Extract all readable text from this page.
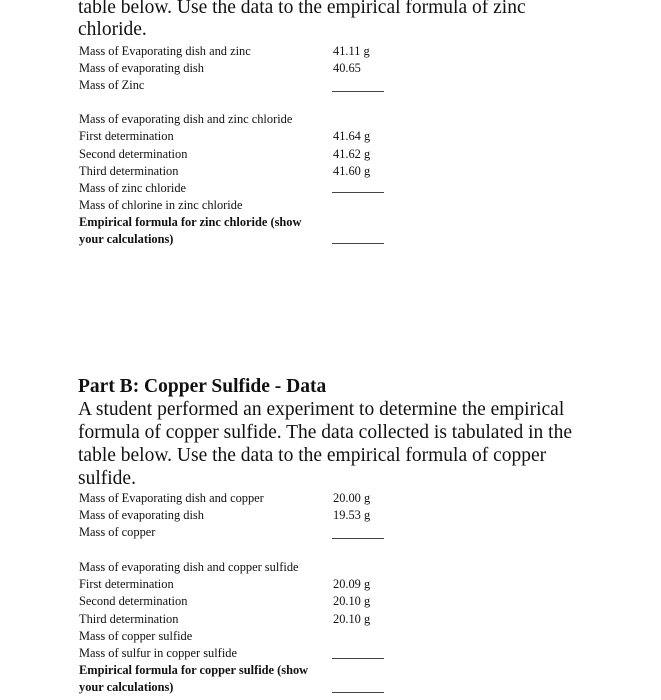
table below. Use the data to the empirical formula of zinc

chloride.

Mass of Evaporating dish and zinc	41.11 g
Mass of evaporating dish	40.65
Mass of Zinc
Mass of evaporating dish and zinc chloride
First determination	41.64 g
Second determination	41.62 g
Third determination	41.60 g
Mass of zinc chloride
Mass of chlorine in zinc chloride
Empirical formula for zinc chloride (show
your calculations)

Part B: Copper Sulfide - Data

A student performed an experiment to determine the empirical

formula of copper sulfide. The data collected is tabulated in the

table below. Use the data to the empirical formula of copper

sulfide.

Mass of Evaporating dish and copper	20.00 g
Mass of evaporating dish	19.53 g
Mass of copper
Mass of evaporating dish and copper sulfide
First determination	20.09 g
Second determination	20.10 g
Third determination	20.10 g
Mass of copper sulfide
Mass of sulfur in copper sulfide
Empirical formula for copper sulfide (show
your calculations)
